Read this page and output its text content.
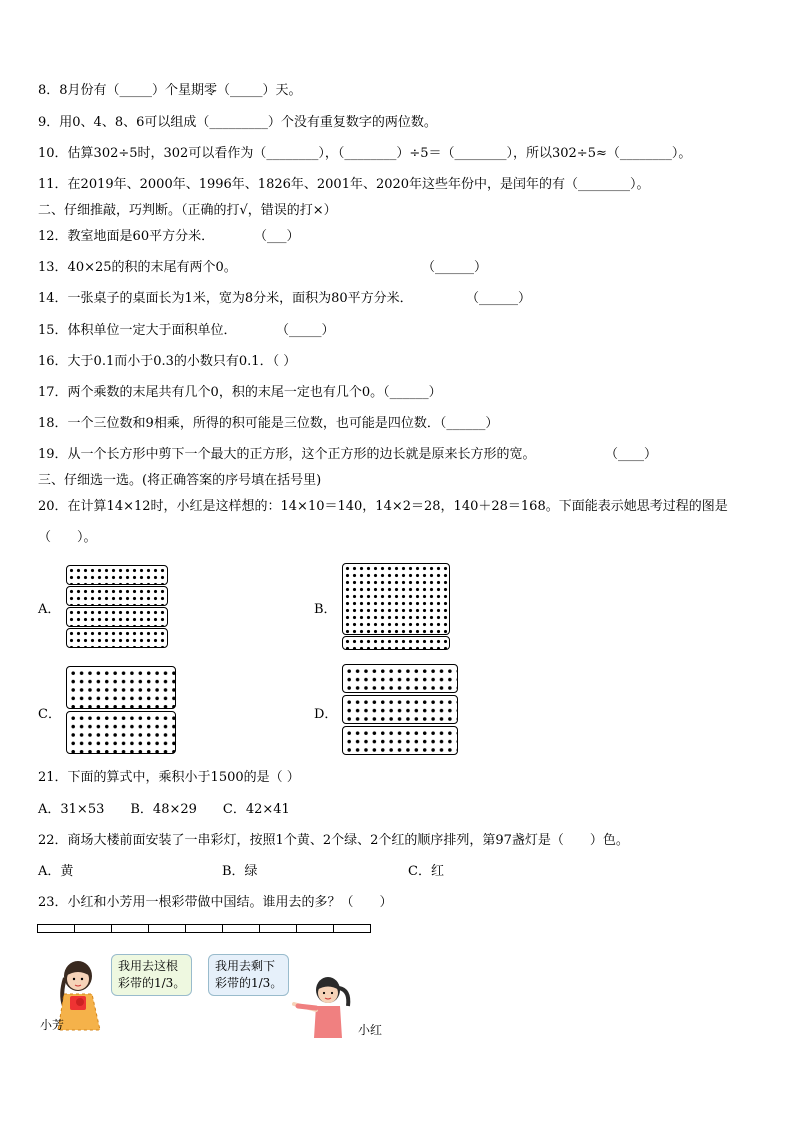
8．8月份有（_____）个星期零（_____）天。
9．用0、4、8、6可以组成（_________）个没有重复数字的两位数。
10．估算302÷5时，302可以看作为（________），（________）÷5＝（________），所以302÷5≈（________）。
11．在2019年、2000年、1996年、1826年、2001年、2020年这些年份中，是闰年的有（________）。
二、仔细推敲，巧判断。（正确的打√，错误的打×）
12．教室地面是60平方分米．	（___）
13．40×25的积的末尾有两个0。	（______）
14．一张桌子的桌面长为1米，宽为8分米，面积为80平方分米．	（______）
15．体积单位一定大于面积单位．	（_____）
16．大于0.1而小于0.3的小数只有0.1．（ ）
17．两个乘数的末尾共有几个0，积的末尾一定也有几个0。（______）
18．一个三位数和9相乘，所得的积可能是三位数，也可能是四位数．（______）
19．从一个长方形中剪下一个最大的正方形，这个正方形的边长就是原来长方形的宽。	（____）
三、仔细选一选。(将正确答案的序号填在括号里)
20．在计算14×12时，小红是这样想的：14×10＝140，14×2＝28，140＋28＝168。下面能表示她思考过程的图是
（　　）。
A．	B．
C．	D．
21．下面的算式中，乘积小于1500的是（ ）
A．31×53　　B．48×29　　C．42×41
22．商场大楼前面安装了一串彩灯，按照1个黄、2个绿、2个红的顺序排列，第97盏灯是（　　）色。
A．黄	B．绿	C．红
23．小红和小芳用一根彩带做中国结。谁用去的多？（　　）
我用去这根
彩带的1/3。
小芳
我用去剩下
彩带的1/3。
小红
